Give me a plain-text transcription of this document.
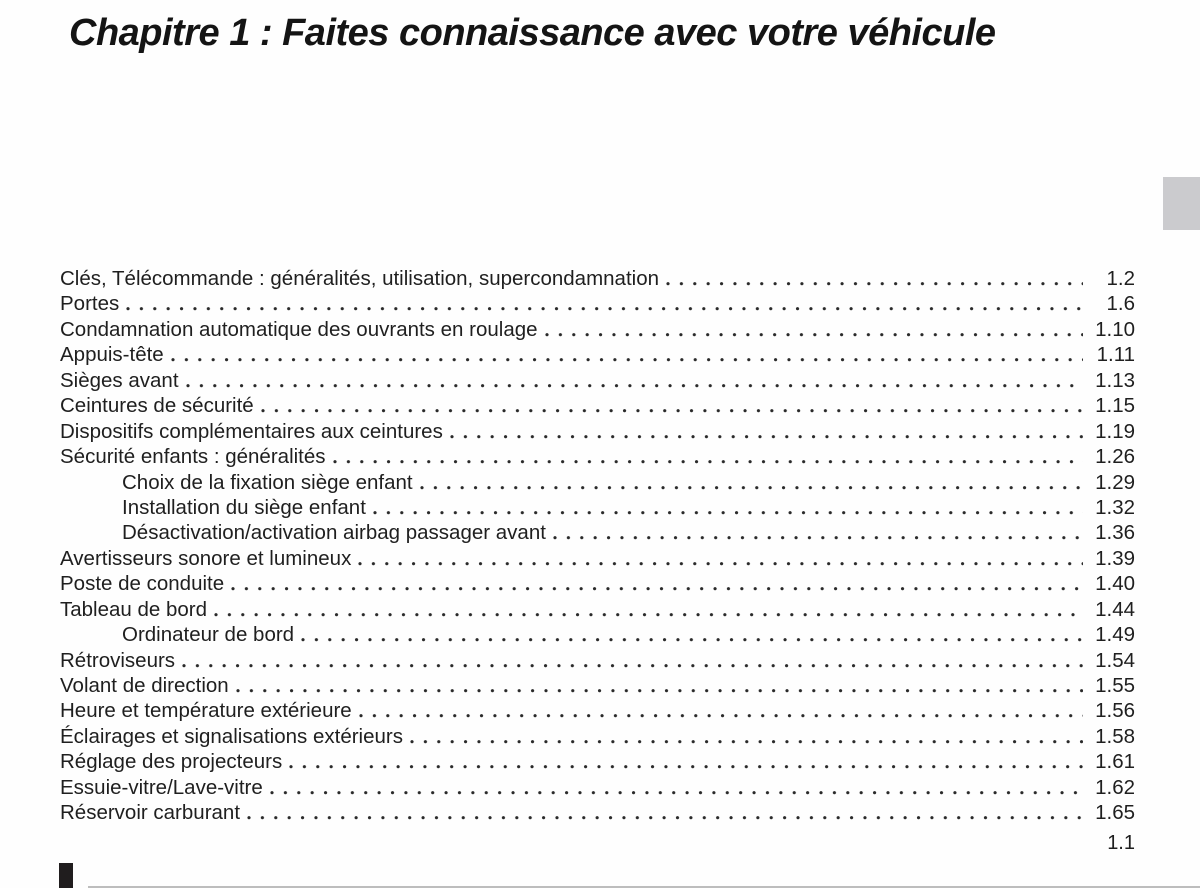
Chapitre 1 : Faites connaissance avec votre véhicule
Clés, Télécommande : généralités, utilisation, supercondamnation	1.2
Portes	1.6
Condamnation automatique des ouvrants en roulage	1.10
Appuis-tête	1.11
Sièges avant	1.13
Ceintures de sécurité	1.15
Dispositifs complémentaires aux ceintures	1.19
Sécurité enfants : généralités	1.26
Choix de la fixation siège enfant	1.29
Installation du siège enfant	1.32
Désactivation/activation airbag passager avant	1.36
Avertisseurs sonore et lumineux	1.39
Poste de conduite	1.40
Tableau de bord	1.44
Ordinateur de bord	1.49
Rétroviseurs	1.54
Volant de direction	1.55
Heure et température extérieure	1.56
Éclairages et signalisations extérieurs	1.58
Réglage des projecteurs	1.61
Essuie-vitre/Lave-vitre	1.62
Réservoir carburant	1.65
1.1
